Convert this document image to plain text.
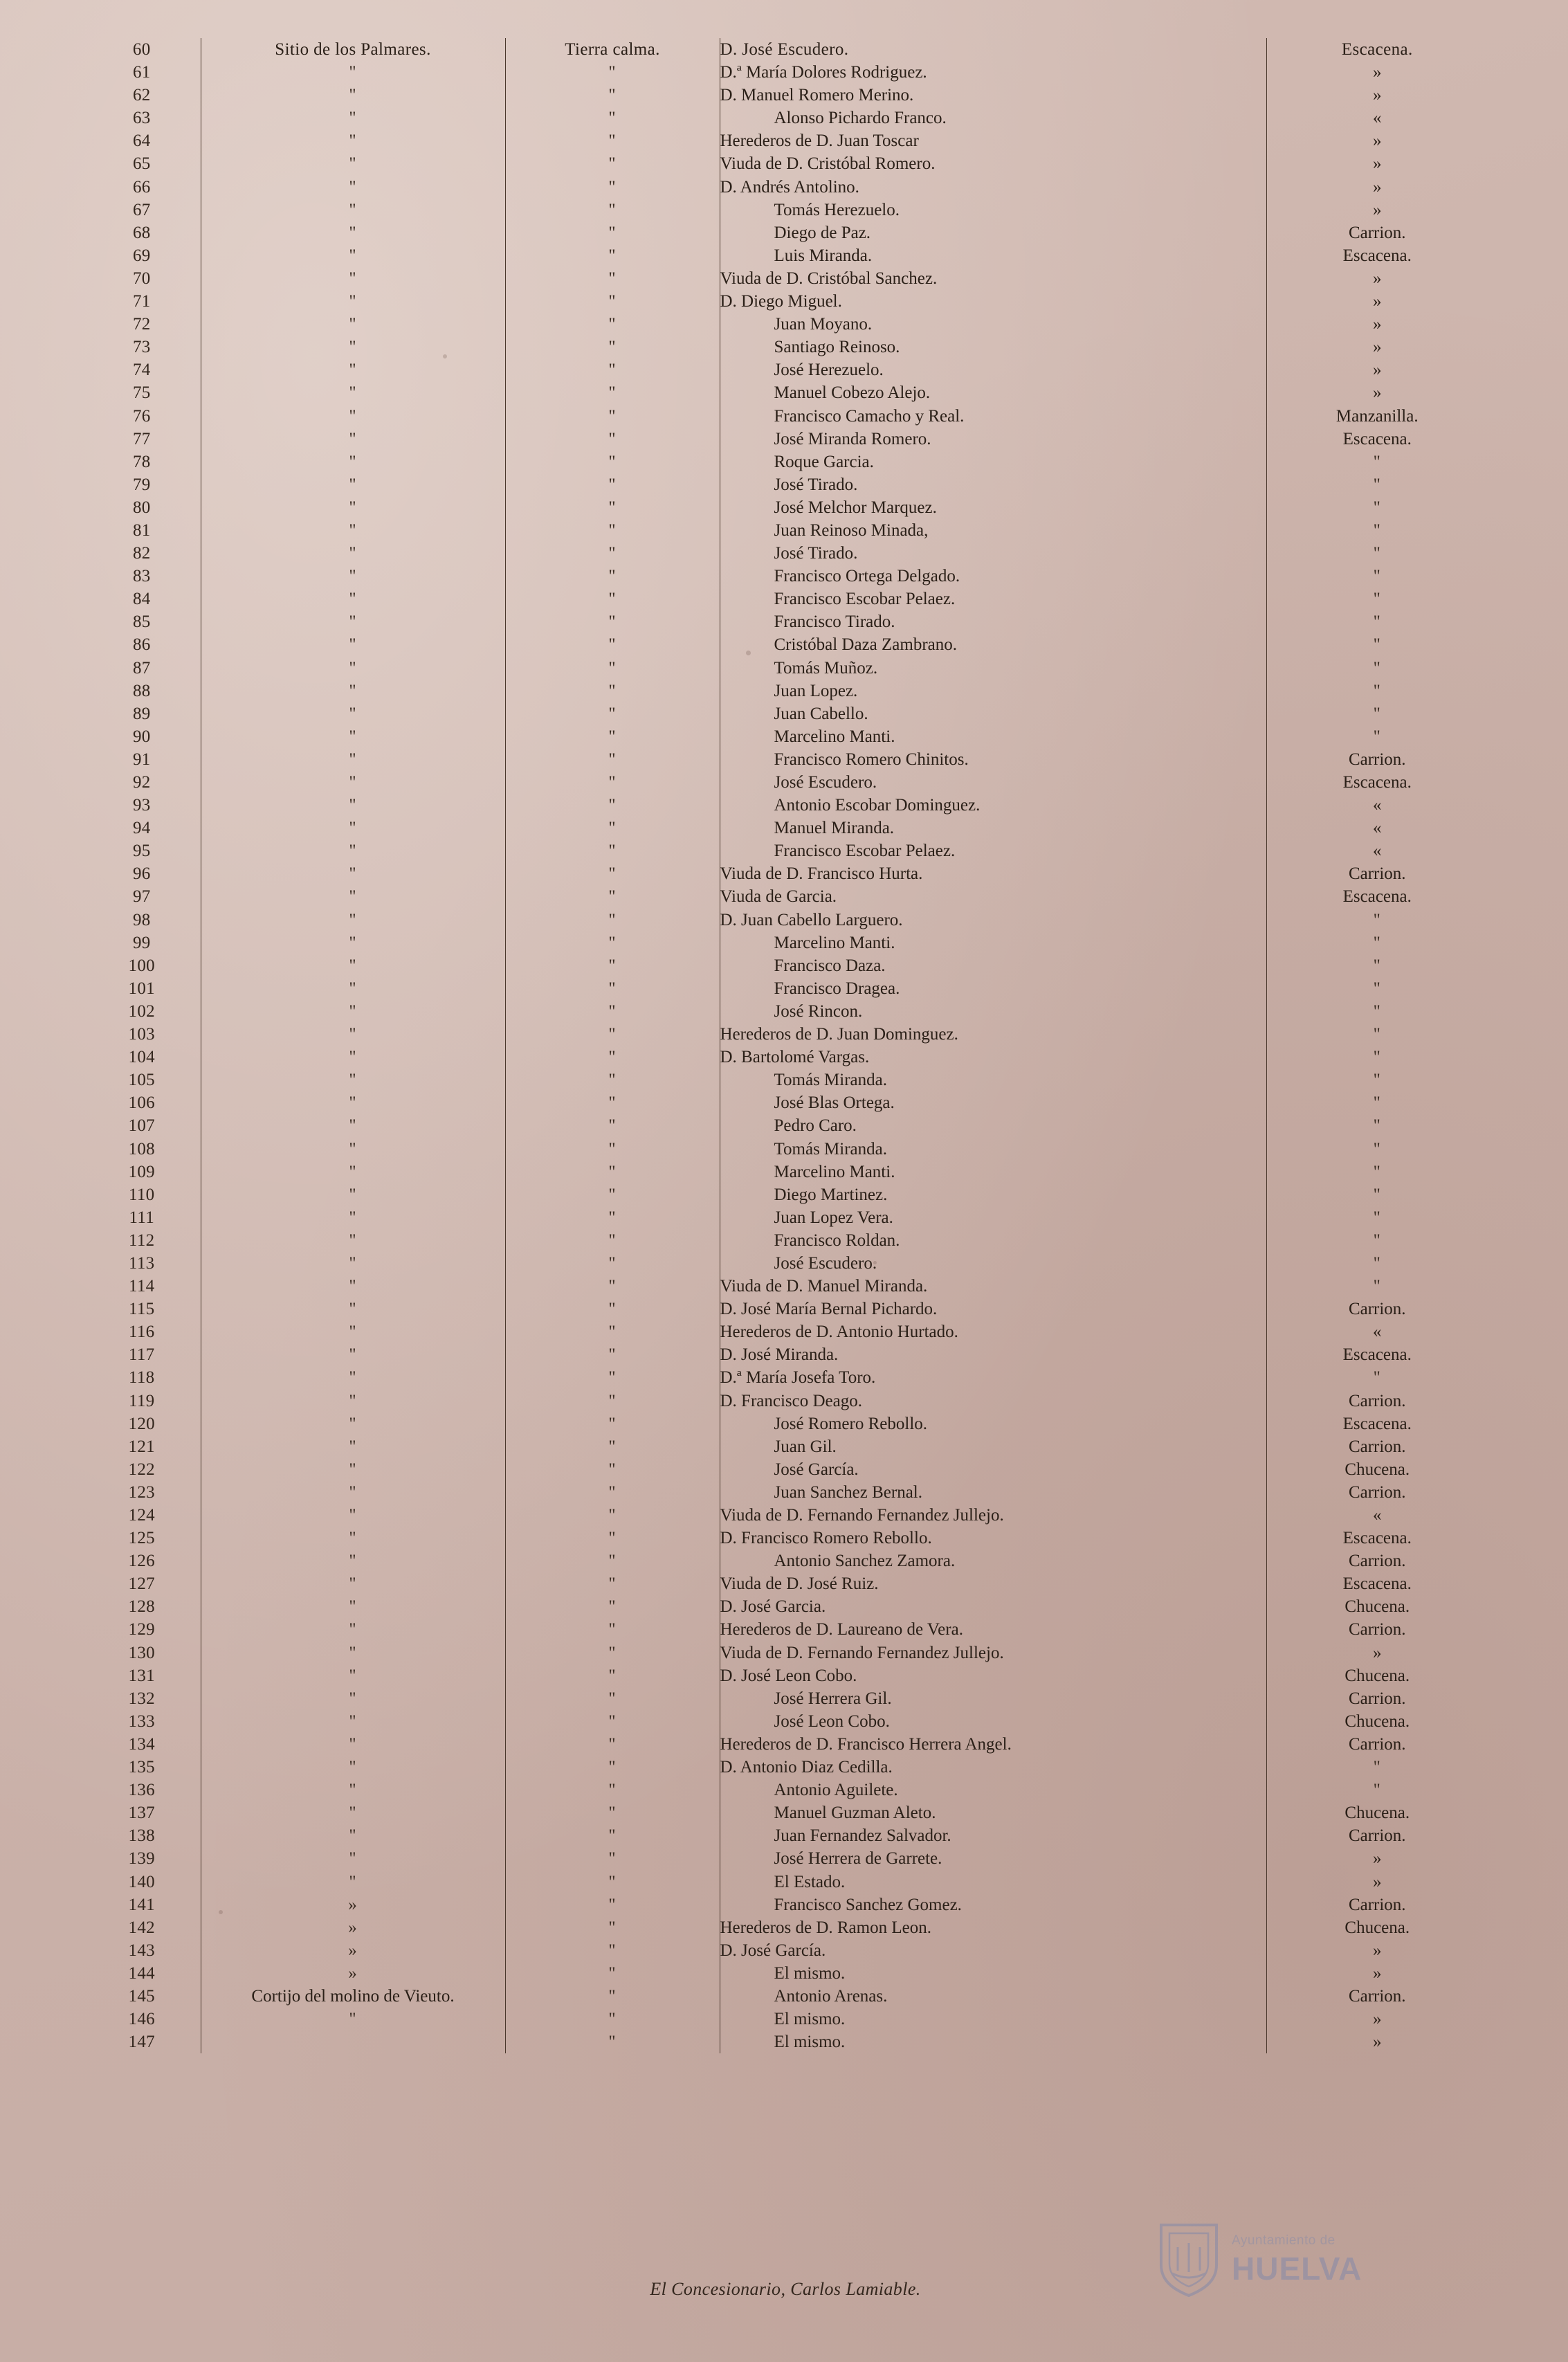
60	Sitio de los Palmares.	Tierra calma.	D. José Escudero.	Escacena.
61	"	"	D.ª María Dolores Rodriguez.	»
62	"	"	D. Manuel Romero Merino.	»
63	"	"	Alonso Pichardo Franco.	«
64	"	"	Herederos de D. Juan Toscar	»
65	"	"	Viuda de D. Cristóbal Romero.	»
66	"	"	D. Andrés Antolino.	»
67	"	"	Tomás Herezuelo.	»
68	"	"	Diego de Paz.	Carrion.
69	"	"	Luis Miranda.	Escacena.
70	"	"	Viuda de D. Cristóbal Sanchez.	»
71	"	"	D. Diego Miguel.	»
72	"	"	Juan Moyano.	»
73	"	"	Santiago Reinoso.	»
74	"	"	José Herezuelo.	»
75	"	"	Manuel Cobezo Alejo.	»
76	"	"	Francisco Camacho y Real.	Manzanilla.
77	"	"	José Miranda Romero.	Escacena.
78	"	"	Roque Garcia.	"
79	"	"	José Tirado.	"
80	"	"	José Melchor Marquez.	"
81	"	"	Juan Reinoso Minada,	"
82	"	"	José Tirado.	"
83	"	"	Francisco Ortega Delgado.	"
84	"	"	Francisco Escobar Pelaez.	"
85	"	"	Francisco Tirado.	"
86	"	"	Cristóbal Daza Zambrano.	"
87	"	"	Tomás Muñoz.	"
88	"	"	Juan Lopez.	"
89	"	"	Juan Cabello.	"
90	"	"	Marcelino Manti.	"
91	"	"	Francisco Romero Chinitos.	Carrion.
92	"	"	José Escudero.	Escacena.
93	"	"	Antonio Escobar Dominguez.	«
94	"	"	Manuel Miranda.	«
95	"	"	Francisco Escobar Pelaez.	«
96	"	"	Viuda de D. Francisco Hurta.	Carrion.
97	"	"	Viuda de Garcia.	Escacena.
98	"	"	D. Juan Cabello Larguero.	"
99	"	"	Marcelino Manti.	"
100	"	"	Francisco Daza.	"
101	"	"	Francisco Dragea.	"
102	"	"	José Rincon.	"
103	"	"	Herederos de D. Juan Dominguez.	"
104	"	"	D. Bartolomé Vargas.	"
105	"	"	Tomás Miranda.	"
106	"	"	José Blas Ortega.	"
107	"	"	Pedro Caro.	"
108	"	"	Tomás Miranda.	"
109	"	"	Marcelino Manti.	"
110	"	"	Diego Martinez.	"
111	"	"	Juan Lopez Vera.	"
112	"	"	Francisco Roldan.	"
113	"	"	José Escudero.	"
114	"	"	Viuda de D. Manuel Miranda.	"
115	"	"	D. José María Bernal Pichardo.	Carrion.
116	"	"	Herederos de D. Antonio Hurtado.	«
117	"	"	D. José Miranda.	Escacena.
118	"	"	D.ª María Josefa Toro.	"
119	"	"	D. Francisco Deago.	Carrion.
120	"	"	José Romero Rebollo.	Escacena.
121	"	"	Juan Gil.	Carrion.
122	"	"	José García.	Chucena.
123	"	"	Juan Sanchez Bernal.	Carrion.
124	"	"	Viuda de D. Fernando Fernandez Jullejo.	«
125	"	"	D. Francisco Romero Rebollo.	Escacena.
126	"	"	Antonio Sanchez Zamora.	Carrion.
127	"	"	Viuda de D. José Ruiz.	Escacena.
128	"	"	D. José Garcia.	Chucena.
129	"	"	Herederos de D. Laureano de Vera.	Carrion.
130	"	"	Viuda de D. Fernando Fernandez Jullejo.	»
131	"	"	D. José Leon Cobo.	Chucena.
132	"	"	José Herrera Gil.	Carrion.
133	"	"	José Leon Cobo.	Chucena.
134	"	"	Herederos de D. Francisco Herrera Angel.	Carrion.
135	"	"	D. Antonio Diaz Cedilla.	"
136	"	"	Antonio Aguilete.	"
137	"	"	Manuel Guzman Aleto.	Chucena.
138	"	"	Juan Fernandez Salvador.	Carrion.
139	"	"	José Herrera de Garrete.	»
140	"	"	El Estado.	»
141	»	"	Francisco Sanchez Gomez.	Carrion.
142	»	"	Herederos de D. Ramon Leon.	Chucena.
143	»	"	D. José García.	»
144	»	"	El mismo.	»
145	Cortijo del molino de Vieuto.	"	Antonio Arenas.	Carrion.
146	"	"	El mismo.	»
147		"	El mismo.	»
El Concesionario, Carlos Lamiable.
Ayuntamiento de
HUELVA
